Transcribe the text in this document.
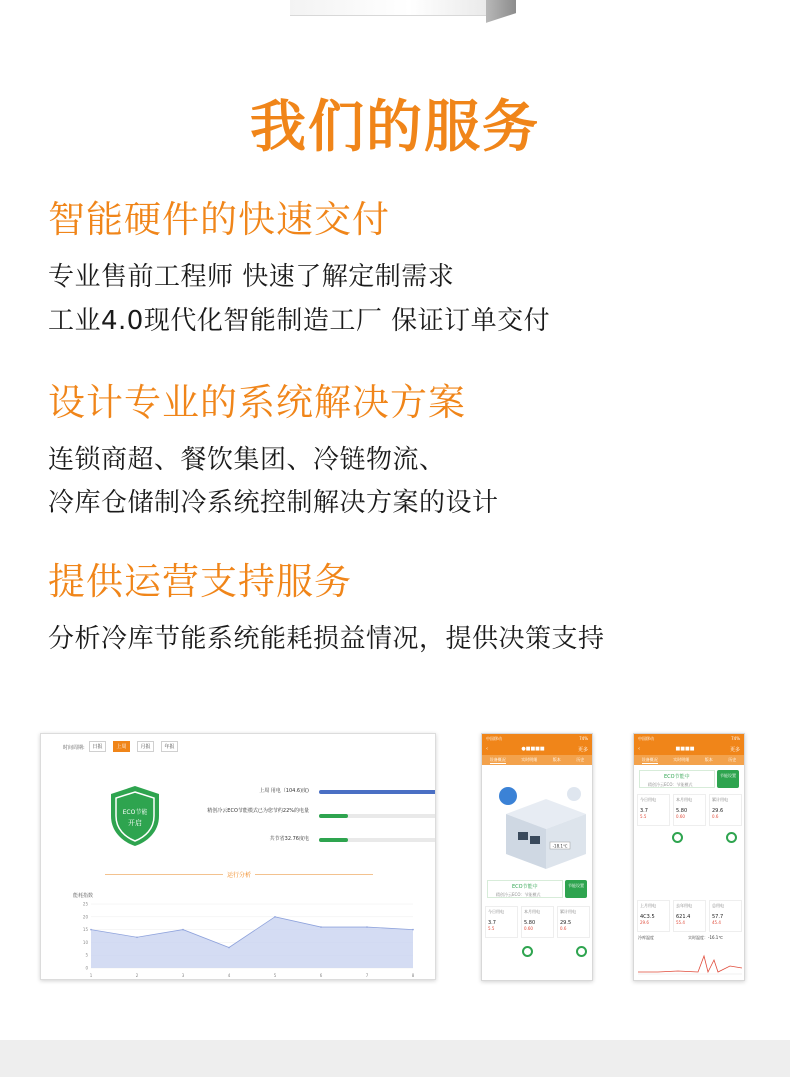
我们的服务
智能硬件的快速交付
专业售前工程师 快速了解定制需求
工业4.0现代化智能制造工厂 保证订单交付
设计专业的系统解决方案
连锁商超、餐饮集团、冷链物流、
冷库仓储制冷系统控制解决方案的设计
提供运营支持服务
分析冷库节能系统能耗损益情况，提供决策支持
时间周期:	日报	上周	月报	年报
ECO节能
开启
上周 用电（104.6)度)
精创冷云ECO节能模式已为您节约22%的电量
共节省32.76度电
运行分析
能耗指数
25
20
15
10
5
0
1	2	3	4	5	6	7	8
中国移动	74%
‹	●■■■■	更多
设备概况	实时明细	版本	历史
-18.1℃
ECO节能中
精创冷云ECO：节能模式
节能设置
今日用电
3.7
5.5
本月用电
5.80
0.60
累计用电
29.5
0.6
中国移动	74%
‹	■■■■	更多
设备概况	实时明细	版本	历史
ECO节能中
精创冷云ECO：节能模式
节能设置
今日用电
3.7
5.5
本月用电
5.80
0.60
累计用电
29.6
0.6
上月用电
4C3.5
29.6
去年用电
621.4
55.4
总用电
57.7
45.4
冷库温度	实时温度：-16.1℃
